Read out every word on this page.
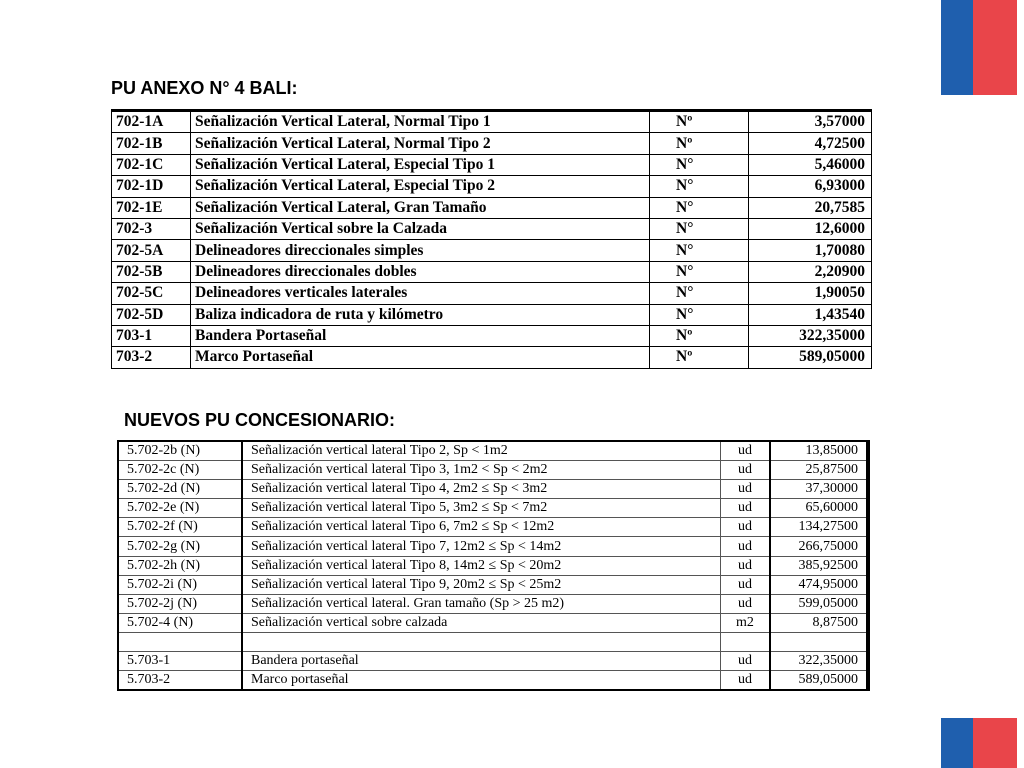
PU ANEXO N° 4 BALI:
702-1A	Señalización Vertical Lateral, Normal Tipo 1	Nº	3,57000
702-1B	Señalización Vertical Lateral, Normal Tipo 2	Nº	4,72500
702-1C	Señalización Vertical Lateral, Especial Tipo 1	N°	5,46000
702-1D	Señalización Vertical Lateral, Especial Tipo 2	N°	6,93000
702-1E	Señalización Vertical Lateral, Gran Tamaño	N°	20,7585
702-3	Señalización Vertical sobre la Calzada	N°	12,6000
702-5A	Delineadores direccionales simples	N°	1,70080
702-5B	Delineadores direccionales dobles	N°	2,20900
702-5C	Delineadores verticales laterales	N°	1,90050
702-5D	Baliza indicadora de ruta y kilómetro	N°	1,43540
703-1	Bandera Portaseñal	Nº	322,35000
703-2	Marco Portaseñal	Nº	589,05000
NUEVOS PU CONCESIONARIO:
5.702-2b (N)	Señalización vertical lateral Tipo 2, Sp < 1m2	ud	13,85000
5.702-2c (N)	Señalización vertical lateral Tipo 3, 1m2 < Sp < 2m2	ud	25,87500
5.702-2d (N)	Señalización vertical lateral Tipo 4, 2m2 ≤ Sp < 3m2	ud	37,30000
5.702-2e (N)	Señalización vertical lateral Tipo 5, 3m2 ≤ Sp < 7m2	ud	65,60000
5.702-2f (N)	Señalización vertical lateral Tipo 6, 7m2 ≤ Sp < 12m2	ud	134,27500
5.702-2g (N)	Señalización vertical lateral Tipo 7, 12m2 ≤ Sp < 14m2	ud	266,75000
5.702-2h (N)	Señalización vertical lateral Tipo 8, 14m2 ≤ Sp < 20m2	ud	385,92500
5.702-2i (N)	Señalización vertical lateral Tipo 9, 20m2 ≤ Sp < 25m2	ud	474,95000
5.702-2j (N)	Señalización vertical lateral. Gran tamaño (Sp > 25 m2)	ud	599,05000
5.702-4 (N)	Señalización vertical sobre calzada	m2	8,87500

5.703-1	Bandera portaseñal	ud	322,35000
5.703-2	Marco portaseñal	ud	589,05000
